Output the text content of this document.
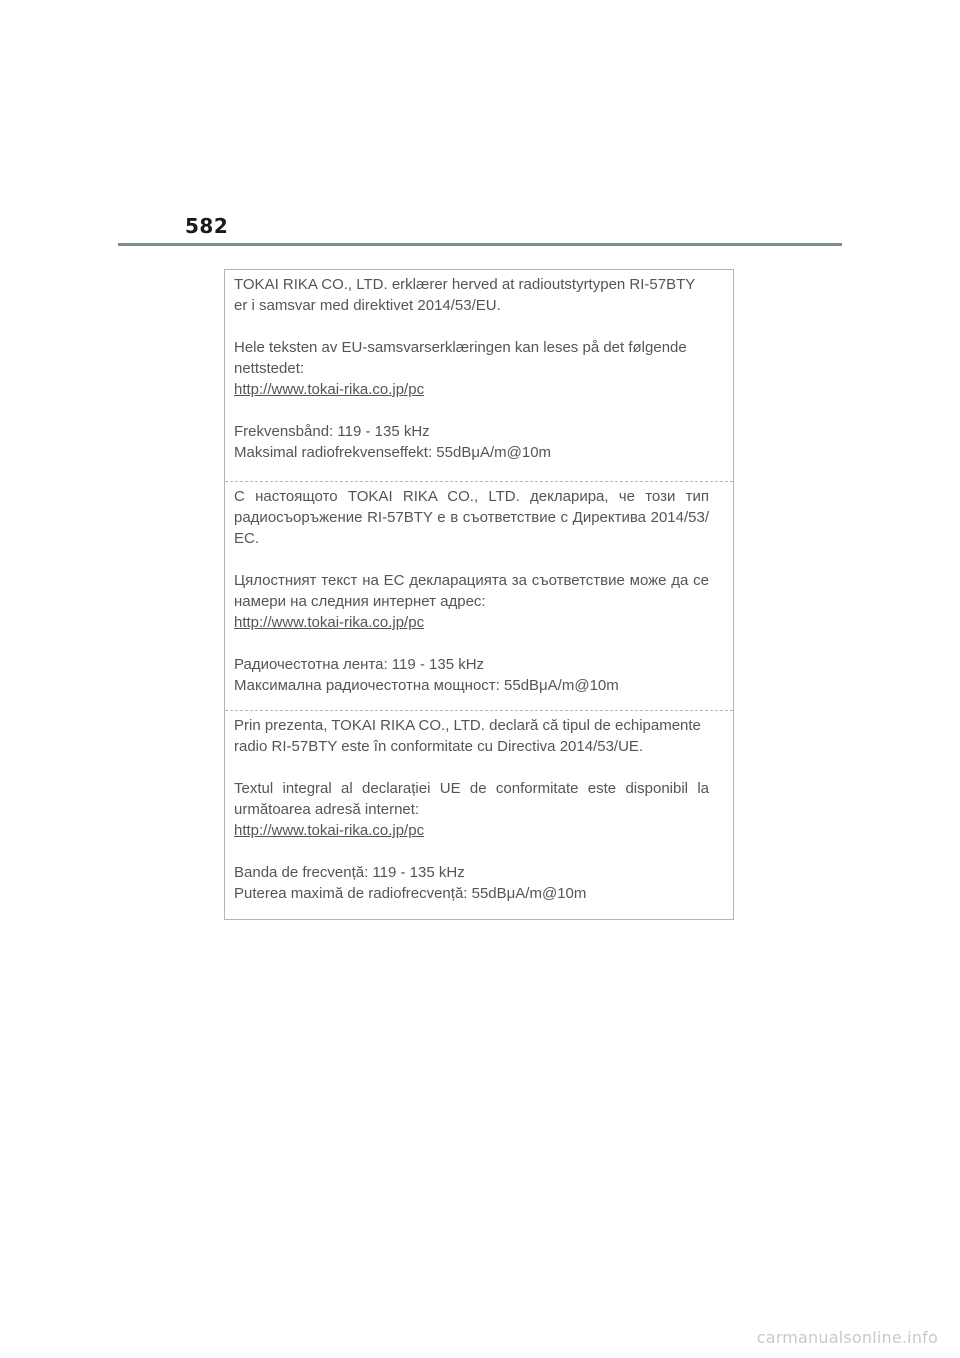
582

TOKAI RIKA CO., LTD. erklærer herved at radioutstyrtypen RI-57BTY er i samsvar med direktivet 2014/53/EU.

Hele teksten av EU-samsvarserklæringen kan leses på det følgende nettstedet:

http://www.tokai-rika.co.jp/pc

Frekvensbånd: 119 - 135 kHz

Maksimal radiofrekvenseffekt: 55dBμA/m@10m

С настоящото TOKAI RIKA CO., LTD. декларира, че този тип радиосъоръжение RI-57BTY е в съответствие с Директива 2014/53/ЕС.

Цялостният текст на ЕС декларацията за съответствие може да се намери на следния интернет адрес:

http://www.tokai-rika.co.jp/pc

Радиочестотна лента: 119 - 135 kHz

Максимална радиочестотна мощност: 55dBμA/m@10m

Prin prezenta, TOKAI RIKA CO., LTD. declară că tipul de echipamente radio RI-57BTY este în conformitate cu Directiva 2014/53/UE.

Textul integral al declarației UE de conformitate este disponibil la următoarea adresă internet:

http://www.tokai-rika.co.jp/pc

Banda de frecvență: 119 - 135 kHz

Puterea maximă de radiofrecvență: 55dBμA/m@10m

carmanualsonline.info
